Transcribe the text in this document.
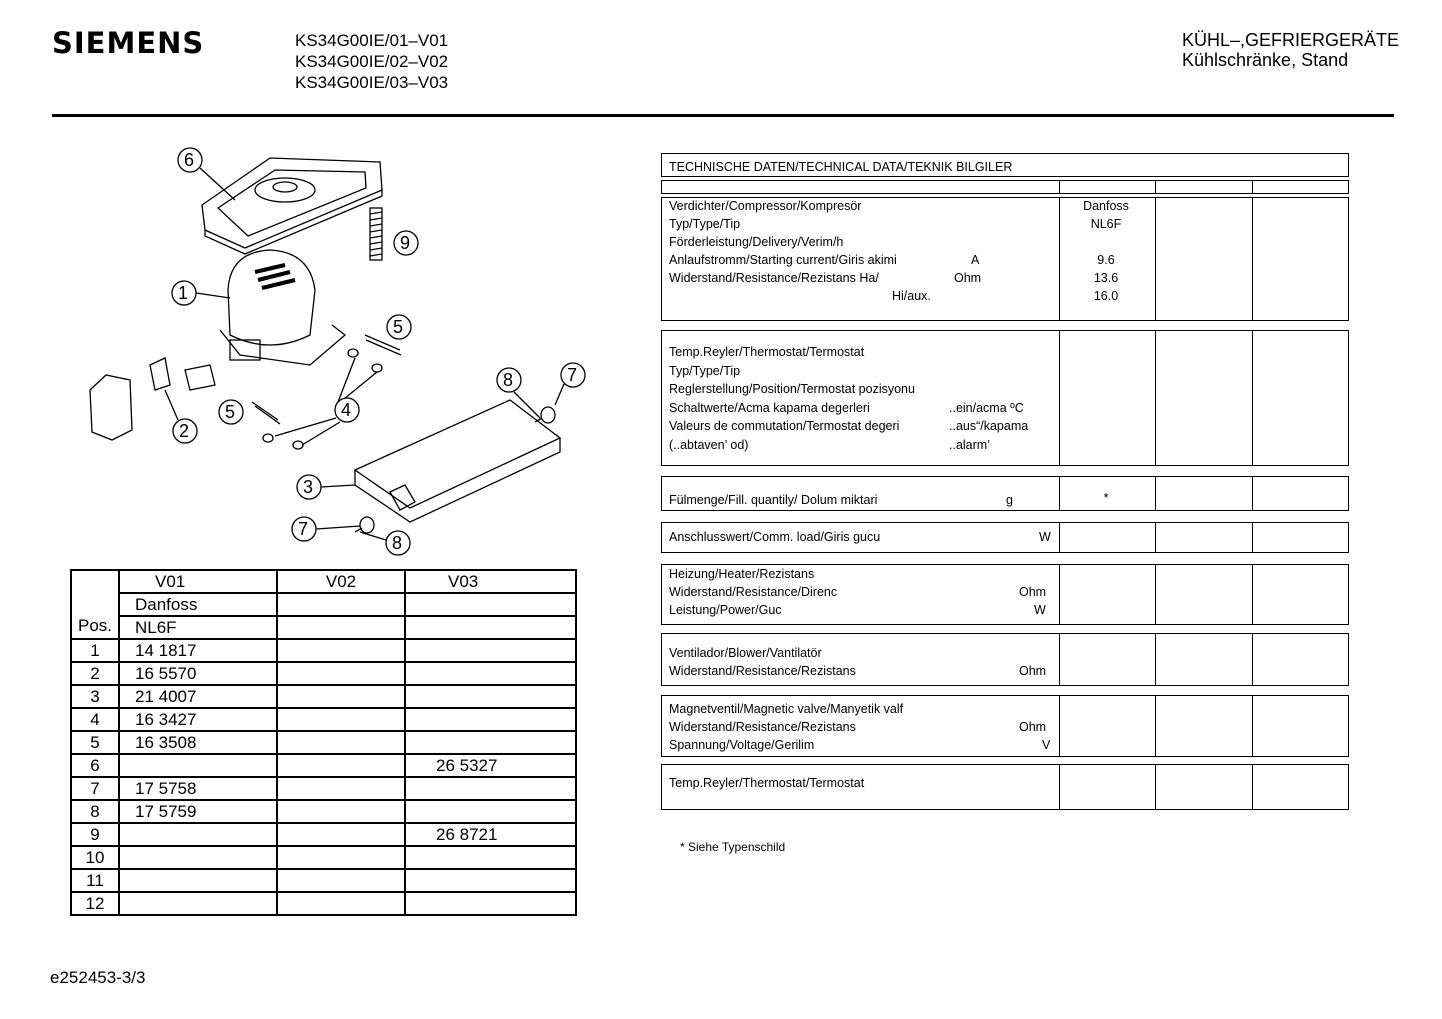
SIEMENS	KS34G00IE/01–V01
KS34G00IE/02–V02
KS34G00IE/03–V03
KÜHL–,GEFRIERGERÄTE
Kühlschränke, Stand
6
9
1
5
8	7
2
5	4
3
7
8
Pos.	V01	V02	V03
	Danfoss		
	NL6F		
1	14 1817		
2	16 5570		
3	21 4007		
4	16 3427		
5	16 3508		
6			26 5327
7	17 5758		
8	17 5759		
9			26 8721
10			
11			
12			
TECHNISCHE DATEN/TECHNICAL DATA/TEKNIK BILGILER
Verdichter/Compressor/Kompresör	Danfoss
Typ/Type/Tip	NL6F
Förderleistung/Delivery/Verim/h
Anlaufstromm/Starting current/Giris akimi	A	9.6
Widerstand/Resistance/Rezistans Ha/	Ohm	13.6
Hi/aux.	16.0
Temp.Reyler/Thermostat/Termostat
Typ/Type/Tip
Reglerstellung/Position/Termostat pozisyonu
Schaltwerte/Acma kapama degerleri	..ein/acma ºC
Valeurs de commutation/Termostat degeri	..aus“/kapama
(..abtaven’ od)	..alarm’
Fülmenge/Fill. quantily/ Dolum miktari	g	*
Anschlusswert/Comm. load/Giris gucu	W
Heizung/Heater/Rezistans
Widerstand/Resistance/Direnc	Ohm
Leistung/Power/Guc	W
Ventilador/Blower/Vantilatör
Widerstand/Resistance/Rezistans	Ohm
Magnetventil/Magnetic valve/Manyetik valf
Widerstand/Resistance/Rezistans	Ohm
Spannung/Voltage/Gerilim	V
Temp.Reyler/Thermostat/Termostat
* Siehe Typenschild
e252453-3/3
